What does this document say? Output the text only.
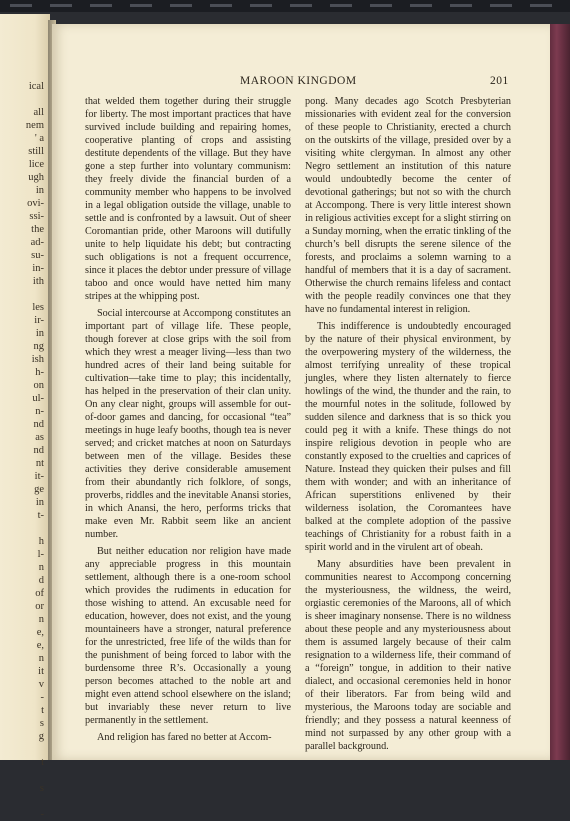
ical

all
nem
' a
still
lice
ugh
in
ovi-
ssi-
the
ad-
su-
in-
ith

les
ir-
in
ng
ish
h-
on
ul-
n-
nd
as
nd
nt
it-
ge
in
t-

h
l-
n
d
of
or
n
e,
e,
n
it
v
-
t
s
g

t

s

-
MAROON KINGDOM	201

that welded them together during their struggle for liberty. The most important practices that have survived include building and repairing homes, cooperative planting of crops and assisting destitute dependents of the village. But they have gone a step further into voluntary communism: they freely divide the financial burden of a community member who happens to be involved in a legal obligation outside the village, unable to settle and is confronted by a lawsuit. Out of sheer Coromantian pride, other Maroons will dutifully unite to help liquidate his debt; but contracting such obligations is not a frequent occurrence, since it places the debtor under pressure of village taboo and once would have netted him many stripes at the whipping post.

Social intercourse at Accompong constitutes an important part of village life. These people, though forever at close grips with the soil from which they wrest a meager living—less than two hundred acres of their land being suitable for cultivation—take time to play; this incidentally, has helped in the preservation of their clan unity. On any clear night, groups will assemble for out-of-door games and dancing, for occasional “tea” meetings in huge leafy booths, though tea is never served; and cricket matches at noon on Saturdays between men of the village. Besides these activities they derive considerable amusement from their abundantly rich folklore, of songs, proverbs, riddles and the inevitable Anansi stories, in which Anansi, the hero, performs tricks that make even Mr. Rabbit seem like an ancient number.

But neither education nor religion have made any appreciable progress in this mountain settlement, although there is a one-room school which provides the rudiments in education for those wishing to attend. An excusable need for education, however, does not exist, and the young mountaineers have a stronger, natural preference for the unrestricted, free life of the wilds than for the punishment of being forced to labor with the burdensome three R’s. Occasionally a young person becomes attached to the noble art and might even attend school elsewhere on the island; but invariably these never return to live permanently in the settlement.

And religion has fared no better at Accom-

pong. Many decades ago Scotch Presbyterian missionaries with evident zeal for the conversion of these people to Christianity, erected a church on the outskirts of the village, presided over by a visiting white clergyman. In almost any other Negro settlement an institution of this nature would undoubtedly become the center of devotional gatherings; but not so with the church at Accompong. There is very little interest shown in religious activities except for a slight stirring on a Sunday morning, when the erratic tinkling of the church’s bell disrupts the serene silence of the forests, and proclaims a solemn warning to a handful of members that it is a day of sacrament. Otherwise the church remains lifeless and contact with the people readily convinces one that they have no fundamental interest in religion.

This indifference is undoubtedly encouraged by the nature of their physical environment, by the overpowering mystery of the wilderness, the almost terrifying unreality of these tropical jungles, where they listen alternately to fierce howlings of the wind, the thunder and the rain, to the mournful notes in the solitude, followed by sudden silence and darkness that is so thick you could peg it with a knife. These things do not inspire religious devotion in people who are constantly exposed to the cruelties and caprices of Nature. Instead they quicken their pulses and fill them with wonder; and with an inheritance of African superstitions enlivened by their wilderness isolation, the Coromantees have balked at the complete adoption of the passive teachings of Christianity for a robust faith in a spirit world and in the virulent art of obeah.

Many absurdities have been prevalent in communities nearest to Accompong concerning the mysteriousness, the wildness, the weird, orgiastic ceremonies of the Maroons, all of which is sheer imaginary nonsense. There is no wildness about these people and any mysteriousness about them is assumed largely because of their calm resignation to a wilderness life, their command of a “foreign” tongue, in addition to their native dialect, and occasional ceremonies held in honor of their liberators. Far from being wild and mysterious, the Maroons today are sociable and friendly; and they possess a natural keenness of mind not surpassed by any other group with a parallel background.
